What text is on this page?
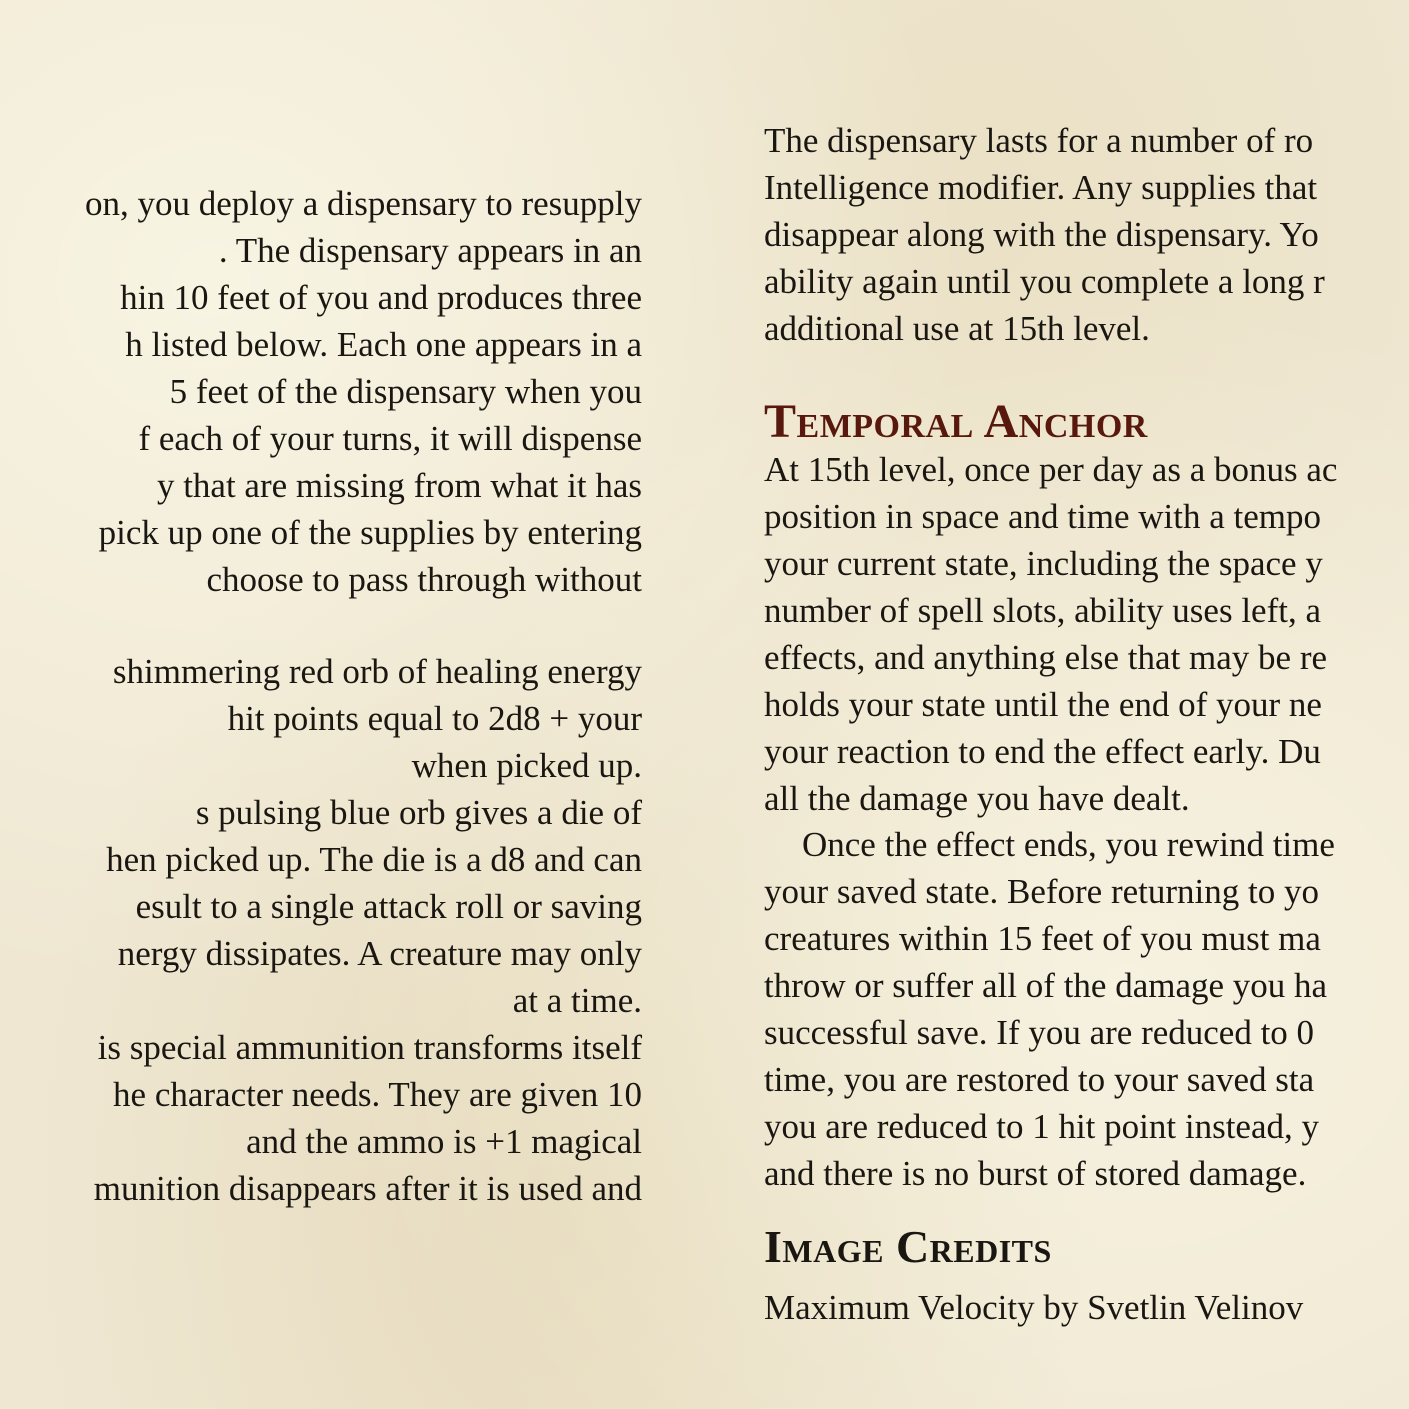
on, you deploy a dispensary to resupply
. The dispensary appears in an
hin 10 feet of you and produces three
h listed below. Each one appears in a
5 feet of the dispensary when you
f each of your turns, it will dispense
y that are missing from what it has
pick up one of the supplies by entering
choose to pass through without
shimmering red orb of healing energy
hit points equal to 2d8 + your
when picked up.
s pulsing blue orb gives a die of
hen picked up. The die is a d8 and can
esult to a single attack roll or saving
nergy dissipates. A creature may only
at a time.
is special ammunition transforms itself
he character needs. They are given 10
and the ammo is +1 magical
munition disappears after it is used and
The dispensary lasts for a number of ro
Intelligence modifier. Any supplies that
disappear along with the dispensary. Yo
ability again until you complete a long r
additional use at 15th level.
Temporal Anchor
At 15th level, once per day as a bonus ac
position in space and time with a tempo
your current state, including the space y
number of spell slots, ability uses left, a
effects, and anything else that may be re
holds your state until the end of your ne
your reaction to end the effect early. Du
all the damage you have dealt.
Once the effect ends, you rewind time
your saved state. Before returning to yo
creatures within 15 feet of you must ma
throw or suffer all of the damage you ha
successful save. If you are reduced to 0
time, you are restored to your saved sta
you are reduced to 1 hit point instead, y
and there is no burst of stored damage.
Image Credits
Maximum Velocity by Svetlin Velinov
